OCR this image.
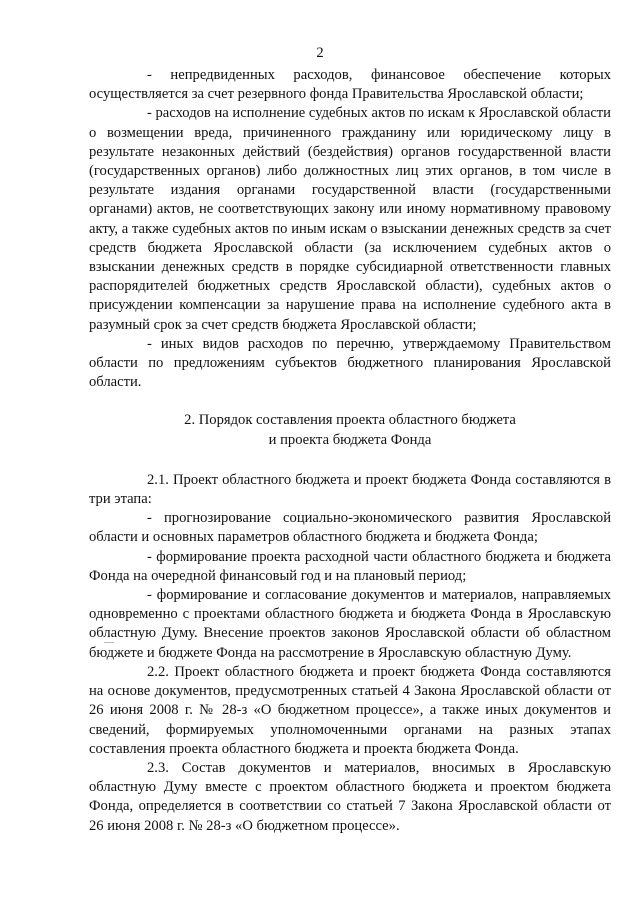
2

- непредвиденных расходов, финансовое обеспечение которых осуществляется за счет резервного фонда Правительства Ярославской области;

- расходов на исполнение судебных актов по искам к Ярославской области о возмещении вреда, причиненного гражданину или юридическому лицу в результате незаконных действий (бездействия) органов государственной власти (государственных органов) либо должностных лиц этих органов, в том числе в результате издания органами государственной власти (государственными органами) актов, не соответствующих закону или иному нормативному правовому акту, а также судебных актов по иным искам о взыскании денежных средств за счет средств бюджета Ярославской области (за исключением судебных актов о взыскании денежных средств в порядке субсидиарной ответственности главных распорядителей бюджетных средств Ярославской области), судебных актов о присуждении компенсации за нарушение права на исполнение судебного акта в разумный срок за счет средств бюджета Ярославской области;

- иных видов расходов по перечню, утверждаемому Правительством области по предложениям субъектов бюджетного планирования Ярославской области.

2. Порядок составления проекта областного бюджета
и проекта бюджета Фонда

2.1. Проект областного бюджета и проект бюджета Фонда составляются в три этапа:

- прогнозирование социально-экономического развития Ярославской области и основных параметров областного бюджета и бюджета Фонда;

- формирование проекта расходной части областного бюджета и бюджета Фонда на очередной финансовый год и на плановый период;

- формирование и согласование документов и материалов, направляемых одновременно с проектами областного бюджета и бюджета Фонда в Ярославскую областную Думу. Внесение проектов законов Ярославской области об областном бюджете и бюджете Фонда на рассмотрение в Ярославскую областную Думу.

2.2. Проект областного бюджета и проект бюджета Фонда составляются на основе документов, предусмотренных статьей 4 Закона Ярославской области от 26 июня 2008 г. № 28-з «О бюджетном процессе», а также иных документов и сведений, формируемых уполномоченными органами на разных этапах составления проекта областного бюджета и проекта бюджета Фонда.

2.3. Состав документов и материалов, вносимых в Ярославскую областную Думу вместе с проектом областного бюджета и проектом бюджета Фонда, определяется в соответствии со статьей 7 Закона Ярославской области от 26 июня 2008 г. № 28-з «О бюджетном процессе».
